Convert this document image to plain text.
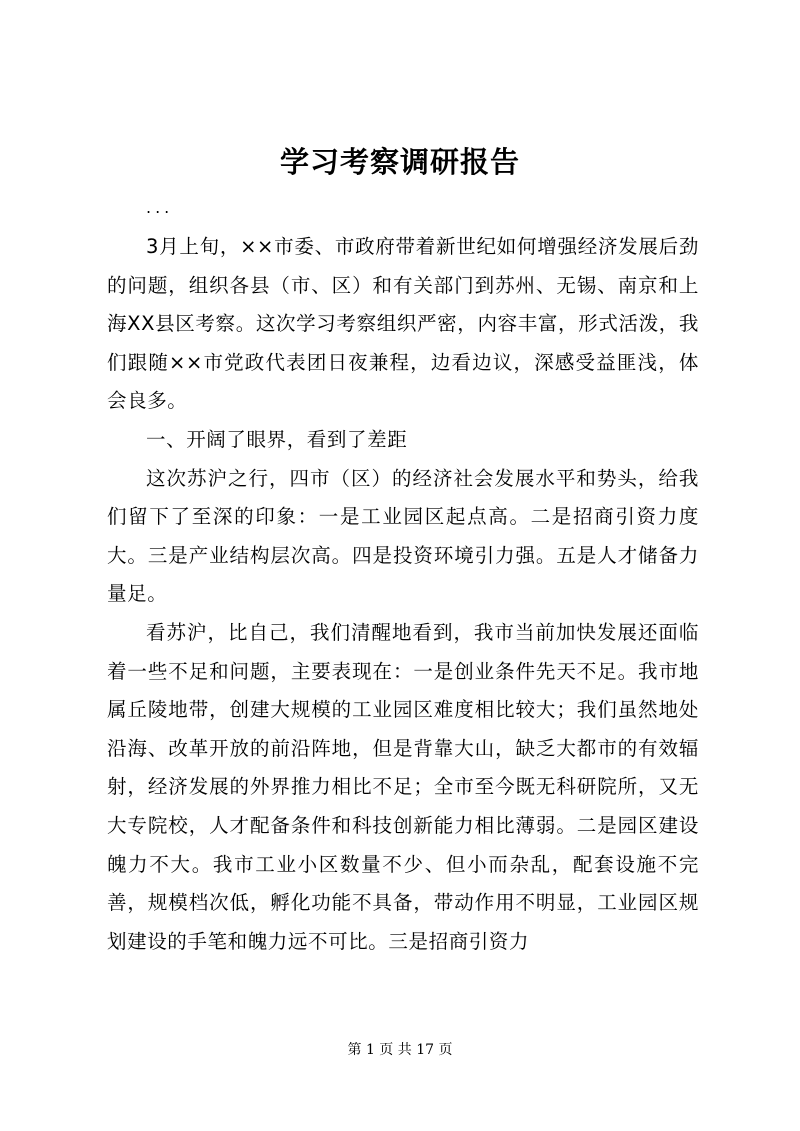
学习考察调研报告
...

3月上旬，××市委、市政府带着新世纪如何增强经济发展后劲的问题，组织各县（市、区）和有关部门到苏州、无锡、南京和上海XX县区考察。这次学习考察组织严密，内容丰富，形式活泼，我们跟随××市党政代表团日夜兼程，边看边议，深感受益匪浅，体会良多。

一、开阔了眼界，看到了差距

这次苏沪之行，四市（区）的经济社会发展水平和势头，给我们留下了至深的印象：一是工业园区起点高。二是招商引资力度大。三是产业结构层次高。四是投资环境引力强。五是人才储备力量足。

看苏沪，比自己，我们清醒地看到，我市当前加快发展还面临着一些不足和问题，主要表现在：一是创业条件先天不足。我市地属丘陵地带，创建大规模的工业园区难度相比较大；我们虽然地处沿海、改革开放的前沿阵地，但是背靠大山，缺乏大都市的有效辐射，经济发展的外界推力相比不足；全市至今既无科研院所，又无大专院校，人才配备条件和科技创新能力相比薄弱。二是园区建设魄力不大。我市工业小区数量不少、但小而杂乱，配套设施不完善，规模档次低，孵化功能不具备，带动作用不明显，工业园区规划建设的手笔和魄力远不可比。三是招商引资力

第 1 页 共 17 页
